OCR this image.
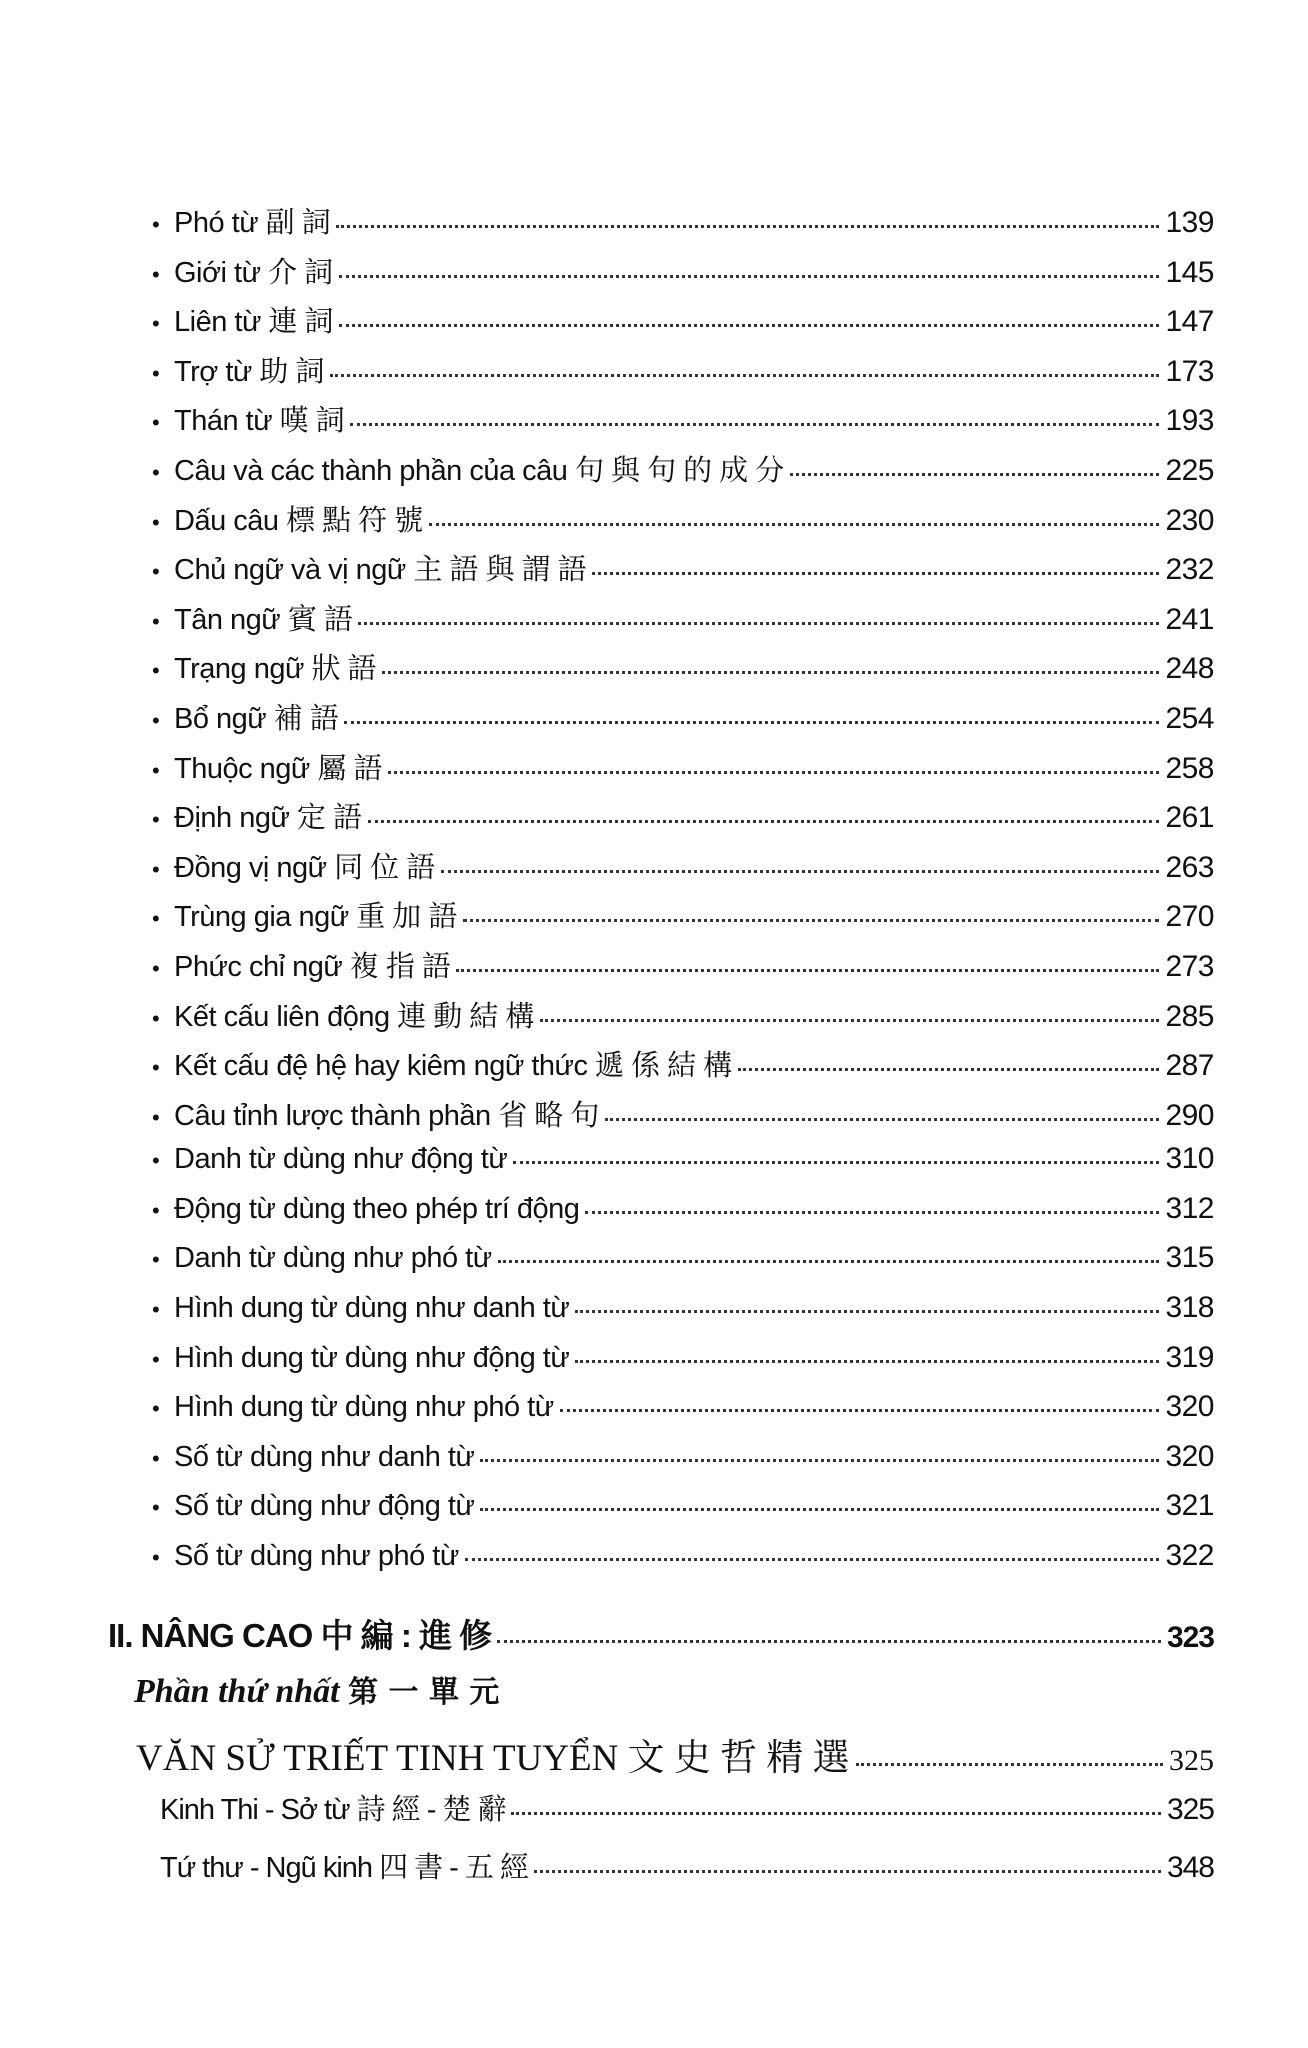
• Phó từ 副 詞	139
• Giới từ 介 詞	145
• Liên từ 連 詞	147
• Trợ từ 助 詞	173
• Thán từ 嘆 詞	193
• Câu và các thành phần của câu 句 與 句 的 成 分	225
• Dấu câu 標 點 符 號	230
• Chủ ngữ và vị ngữ 主 語 與 謂 語	232
• Tân ngữ 賓 語	241
• Trạng ngữ 狀 語	248
• Bổ ngữ 補 語	254
• Thuộc ngữ 屬 語	258
• Định ngữ 定 語	261
• Đồng vị ngữ 同 位 語	263
• Trùng gia ngữ 重 加 語	270
• Phức chỉ ngữ 複 指 語	273
• Kết cấu liên động 連 動 結 構	285
• Kết cấu đệ hệ hay kiêm ngữ thức 遞 係 結 構	287
• Câu tỉnh lược thành phần 省 略 句	290
• Danh từ dùng như động từ	310
• Động từ dùng theo phép trí động	312
• Danh từ dùng như phó từ	315
• Hình dung từ dùng như danh từ	318
• Hình dung từ dùng như động từ	319
• Hình dung từ dùng như phó từ	320
• Số từ dùng như danh từ	320
• Số từ dùng như động từ	321
• Số từ dùng như phó từ	322
II. NÂNG CAO 中 編 : 進 修	323
Phần thứ nhất 第 一 單 元
VĂN SỬ TRIẾT TINH TUYỂN 文 史 哲 精 選	325
Kinh Thi - Sở từ 詩 經 - 楚 辭	325
Tứ thư - Ngũ kinh 四 書 - 五 經	348
